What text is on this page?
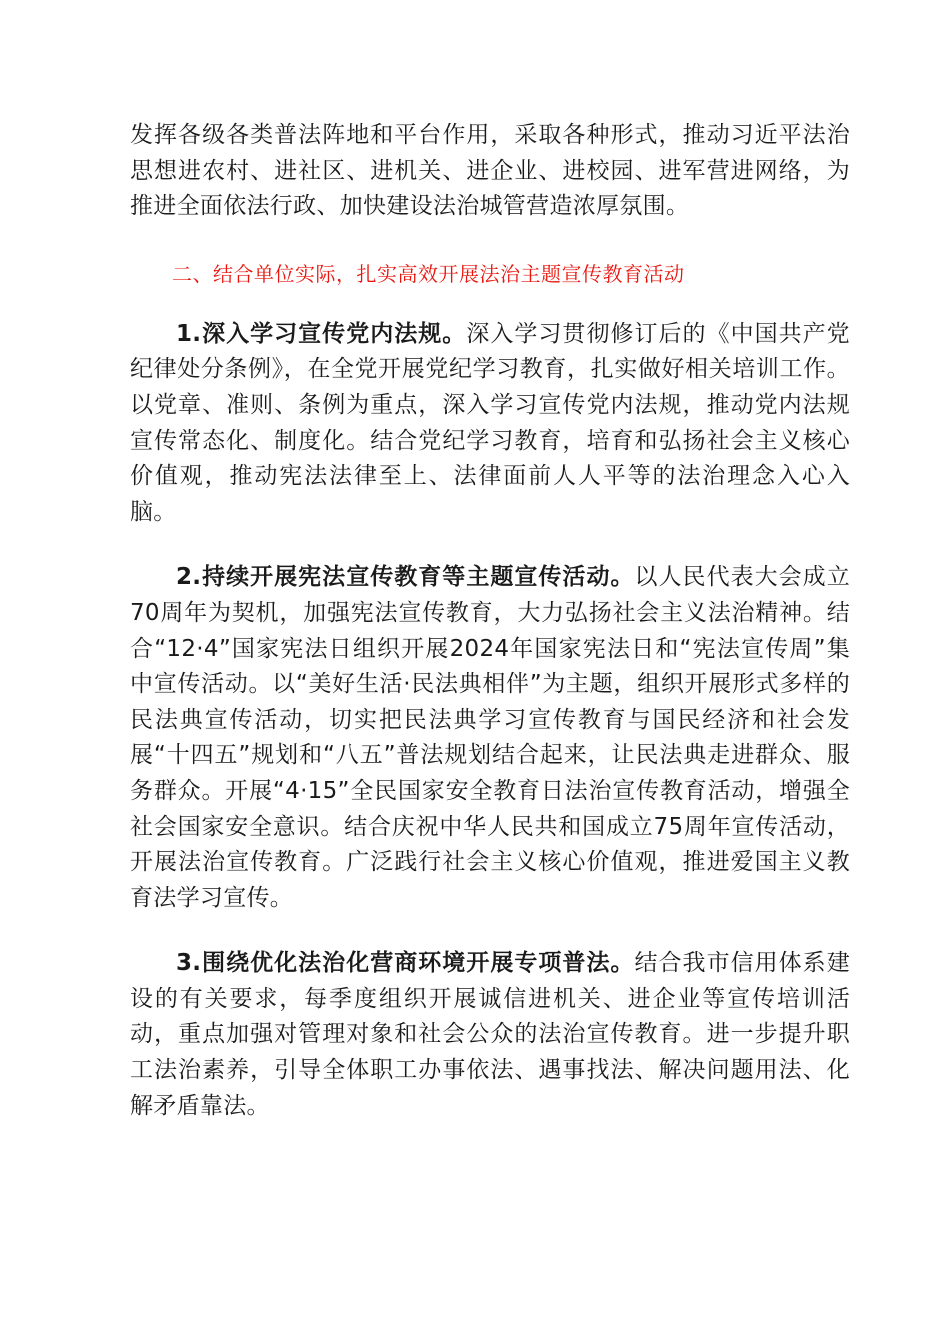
发挥各级各类普法阵地和平台作用，采取各种形式，推动习近平法治思想进农村、进社区、进机关、进企业、进校园、进军营进网络，为推进全面依法行政、加快建设法治城管营造浓厚氛围。

二、结合单位实际，扎实高效开展法治主题宣传教育活动

1.深入学习宣传党内法规。深入学习贯彻修订后的《中国共产党纪律处分条例》，在全党开展党纪学习教育，扎实做好相关培训工作。以党章、准则、条例为重点，深入学习宣传党内法规，推动党内法规宣传常态化、制度化。结合党纪学习教育，培育和弘扬社会主义核心价值观，推动宪法法律至上、法律面前人人平等的法治理念入心入脑。

2.持续开展宪法宣传教育等主题宣传活动。以人民代表大会成立70周年为契机，加强宪法宣传教育，大力弘扬社会主义法治精神。结合“12·4”国家宪法日组织开展2024年国家宪法日和“宪法宣传周”集中宣传活动。以“美好生活·民法典相伴”为主题，组织开展形式多样的民法典宣传活动，切实把民法典学习宣传教育与国民经济和社会发展“十四五”规划和“八五”普法规划结合起来，让民法典走进群众、服务群众。开展“4·15”全民国家安全教育日法治宣传教育活动，增强全社会国家安全意识。结合庆祝中华人民共和国成立75周年宣传活动，开展法治宣传教育。广泛践行社会主义核心价值观，推进爱国主义教育法学习宣传。

3.围绕优化法治化营商环境开展专项普法。结合我市信用体系建设的有关要求，每季度组织开展诚信进机关、进企业等宣传培训活动，重点加强对管理对象和社会公众的法治宣传教育。进一步提升职工法治素养，引导全体职工办事依法、遇事找法、解决问题用法、化解矛盾靠法。
